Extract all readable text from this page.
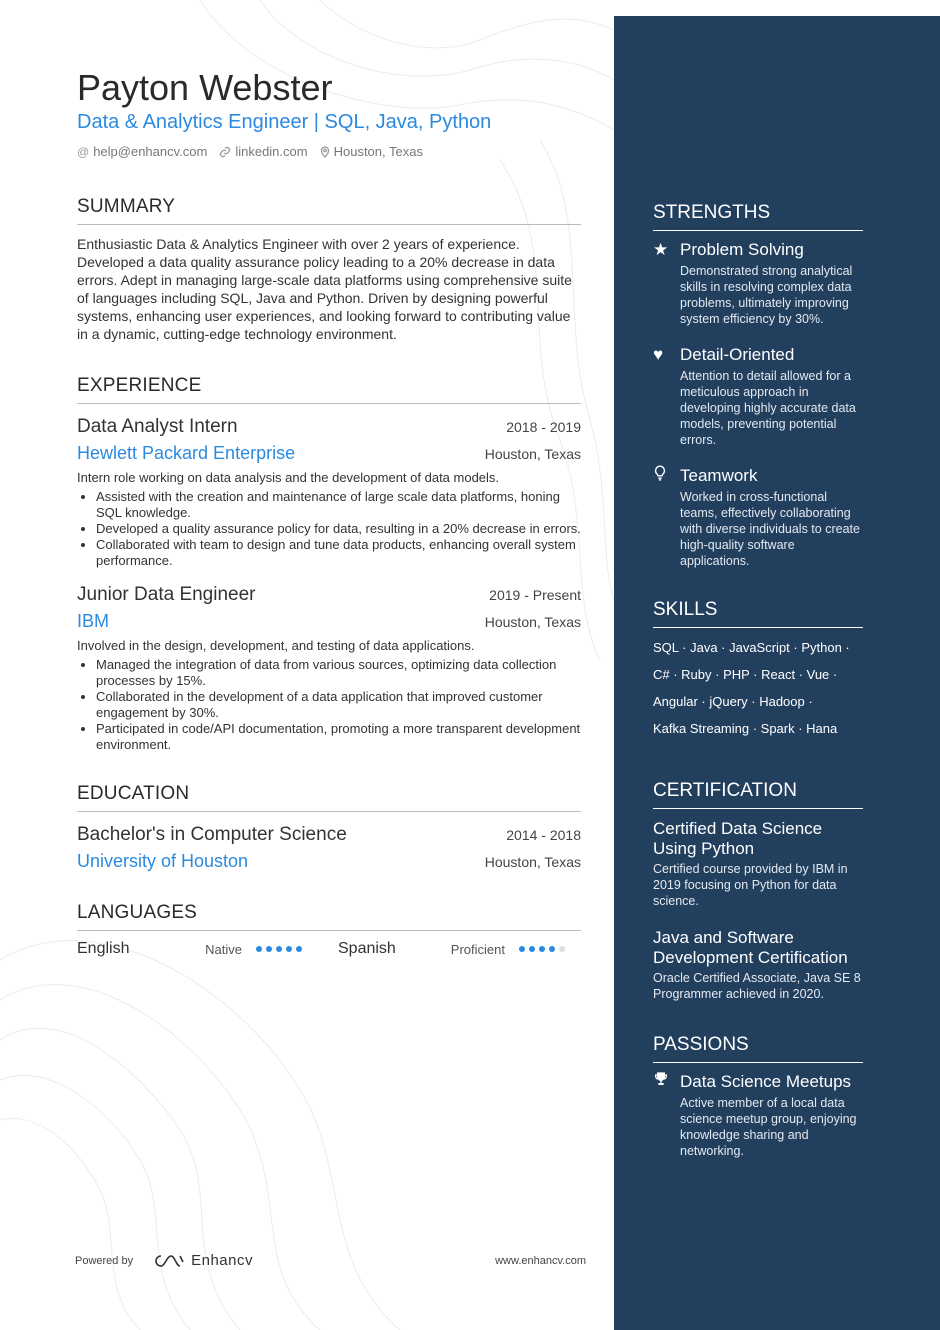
Payton Webster
Data & Analytics Engineer | SQL, Java, Python
@ help@enhancv.com linkedin.com Houston, Texas
SUMMARY
Enthusiastic Data & Analytics Engineer with over 2 years of experience. Developed a data quality assurance policy leading to a 20% decrease in data errors. Adept in managing large-scale data platforms using comprehensive suite of languages including SQL, Java and Python. Driven by designing powerful systems, enhancing user experiences, and looking forward to contributing value in a dynamic, cutting-edge technology environment.
EXPERIENCE
Data Analyst Intern	2018 - 2019
Hewlett Packard Enterprise	Houston, Texas
Intern role working on data analysis and the development of data models.
• Assisted with the creation and maintenance of large scale data platforms, honing SQL knowledge.
• Developed a quality assurance policy for data, resulting in a 20% decrease in errors.
• Collaborated with team to design and tune data products, enhancing overall system performance.
Junior Data Engineer	2019 - Present
IBM	Houston, Texas
Involved in the design, development, and testing of data applications.
• Managed the integration of data from various sources, optimizing data collection processes by 15%.
• Collaborated in the development of a data application that improved customer engagement by 30%.
• Participated in code/API documentation, promoting a more transparent development environment.
EDUCATION
Bachelor's in Computer Science	2014 - 2018
University of Houston	Houston, Texas
LANGUAGES
English	Native	Spanish	Proficient
STRENGTHS
★ Problem Solving
Demonstrated strong analytical skills in resolving complex data problems, ultimately improving system efficiency by 30%.
♥ Detail-Oriented
Attention to detail allowed for a meticulous approach in developing highly accurate data models, preventing potential errors.
Teamwork
Worked in cross-functional teams, effectively collaborating with diverse individuals to create high-quality software applications.
SKILLS
SQL · Java · JavaScript · Python ·
C# · Ruby · PHP · React · Vue ·
Angular · jQuery · Hadoop ·
Kafka Streaming · Spark · Hana
CERTIFICATION
Certified Data Science Using Python
Certified course provided by IBM in 2019 focusing on Python for data science.
Java and Software Development Certification
Oracle Certified Associate, Java SE 8 Programmer achieved in 2020.
PASSIONS
Data Science Meetups
Active member of a local data science meetup group, enjoying knowledge sharing and networking.
Powered by	Enhancv	www.enhancv.com
